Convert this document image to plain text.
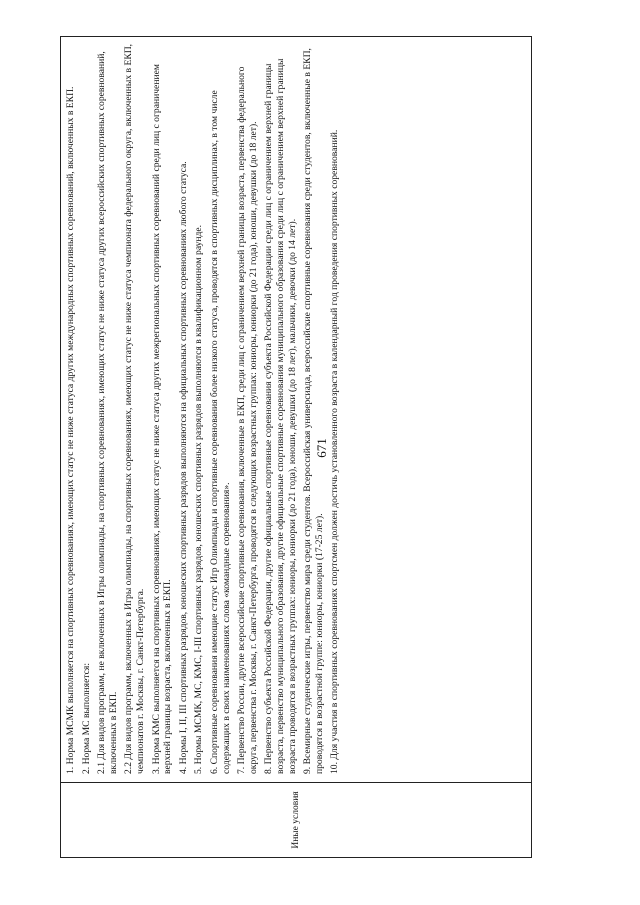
671
Иные условия

1. Норма МСМК выполняется на спортивных соревнованиях, имеющих статус не ниже статуса других международных спортивных соревнований, включенных в ЕКП. 2. Норма МС выполняется: 2.1 Для видов программ, не включенных в Игры олимпиады, на спортивных соревнованиях, имеющих статус не ниже статуса других всероссийских спортивных соревнований, включенных в ЕКП. 2.2 Для видов программ, включенных в Игры олимпиады, на спортивных соревнованиях, имеющих статус не ниже статуса чемпионата федерального округа, включенных в ЕКП, чемпионатов г. Москвы, г. Санкт-Петербурга. 3. Норма КМС выполняется на спортивных соревнованиях, имеющих статус не ниже статуса других межрегиональных спортивных соревнований среди лиц с ограничением верхней границы возраста, включенных в ЕКП. 4. Нормы I, II, III спортивных разрядов, юношеских спортивных разрядов выполняются на официальных спортивных соревнованиях любого статуса. 5. Нормы МСМК, МС, КМС, I-III спортивных разрядов, юношеских спортивных разрядов выполняются в квалификационном раунде. 6. Спортивные соревнования имеющие статус Игр Олимпиады и спортивные соревнования более низкого статуса, проводятся в спортивных дисциплинах, в том числе содержащих в своих наименованиях слова «командные соревнования». 7. Первенство России, другие всероссийские спортивные соревнования, включенные в ЕКП, среди лиц с ограничением верхней границы возраста, первенства федерального округа, первенства г. Москвы, г. Санкт-Петербурга, проводятся в следующих возрастных группах: юниоры, юниорки (до 21 года), юноши, девушки (до 18 лет). 8. Первенство субъекта Российской Федерации, другие официальные спортивные соревнования субъекта Российской Федерации среди лиц с ограничением верхней границы возраста, первенство муниципального образования, другие официальные спортивные соревнования муниципального образования среди лиц с ограничением верхней границы возраста проводятся в возрастных группах: юниоры, юниорки (до 21 года), юноши, девушки (до 18 лет), мальчики, девочки (до 14 лет). 9. Всемирные студенческие игры, первенство мира среди студентов. Всероссийская универсиада, всероссийские спортивные соревнования среди студентов, включенные в ЕКП, проводятся в возрастной группе: юниоры, юниорки (17-25 лет). 10. Для участия в спортивных соревнованиях спортсмен должен достичь установленного возраста в календарный год проведения спортивных соревнований.
